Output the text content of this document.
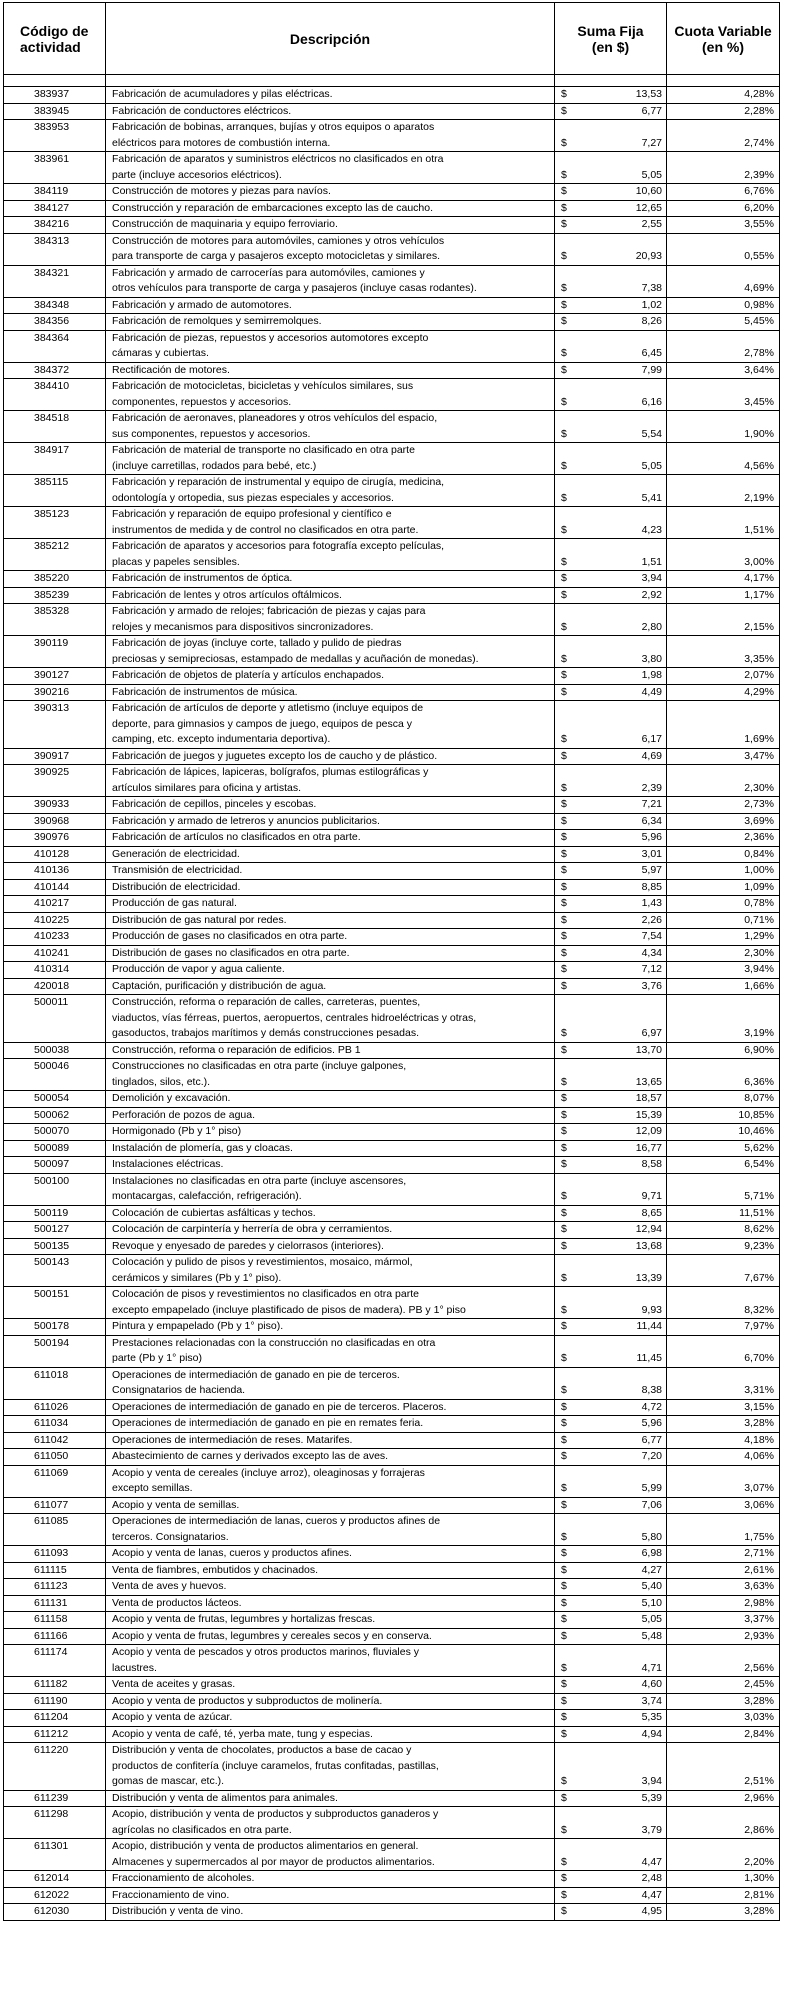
Código de
actividad	Descripción	Suma Fija
(en $)	Cuota Variable
(en %)

383937	Fabricación de acumuladores y pilas eléctricas.	$ 13,53	4,28%
383945	Fabricación de conductores eléctricos.	$ 6,77	2,28%
383953	Fabricación de bobinas, arranques, bujías y otros equipos o aparatos
eléctricos para motores de combustión interna.	$ 7,27	2,74%
383961	Fabricación de aparatos y suministros eléctricos no clasificados en otra
parte (incluye accesorios eléctricos).	$ 5,05	2,39%
384119	Construcción de motores y piezas para navíos.	$ 10,60	6,76%
384127	Construcción y reparación de embarcaciones excepto las de caucho.	$ 12,65	6,20%
384216	Construcción de maquinaria y equipo ferroviario.	$ 2,55	3,55%
384313	Construcción de motores para automóviles, camiones y otros vehículos
para transporte de carga y pasajeros excepto motocicletas y similares.	$ 20,93	0,55%
384321	Fabricación y armado de carrocerías para automóviles, camiones y
otros vehículos para transporte de carga y pasajeros (incluye casas rodantes).	$ 7,38	4,69%
384348	Fabricación y armado de automotores.	$ 1,02	0,98%
384356	Fabricación de remolques y semirremolques.	$ 8,26	5,45%
384364	Fabricación de piezas, repuestos y accesorios automotores excepto
cámaras y cubiertas.	$ 6,45	2,78%
384372	Rectificación de motores.	$ 7,99	3,64%
384410	Fabricación de motocicletas, bicicletas y vehículos similares, sus
componentes, repuestos y accesorios.	$ 6,16	3,45%
384518	Fabricación de aeronaves, planeadores y otros vehículos del espacio,
sus componentes, repuestos y accesorios.	$ 5,54	1,90%
384917	Fabricación de material de transporte no clasificado en otra parte
(incluye carretillas, rodados para bebé, etc.)	$ 5,05	4,56%
385115	Fabricación y reparación de instrumental y equipo de cirugía, medicina,
odontología y ortopedia, sus piezas especiales y accesorios.	$ 5,41	2,19%
385123	Fabricación y reparación de equipo profesional y científico e
instrumentos de medida y de control no clasificados en otra parte.	$ 4,23	1,51%
385212	Fabricación de aparatos y accesorios para fotografía excepto películas,
placas y papeles sensibles.	$ 1,51	3,00%
385220	Fabricación de instrumentos de óptica.	$ 3,94	4,17%
385239	Fabricación de lentes y otros artículos oftálmicos.	$ 2,92	1,17%
385328	Fabricación y armado de relojes; fabricación de piezas y cajas para
relojes y mecanismos para dispositivos sincronizadores.	$ 2,80	2,15%
390119	Fabricación de joyas (incluye corte, tallado y pulido de piedras
preciosas y semipreciosas, estampado de medallas y acuñación de monedas).	$ 3,80	3,35%
390127	Fabricación de objetos de platería y artículos enchapados.	$ 1,98	2,07%
390216	Fabricación de instrumentos de música.	$ 4,49	4,29%
390313	Fabricación de artículos de deporte y atletismo (incluye equipos de
deporte, para gimnasios y campos de juego, equipos de pesca y
camping, etc. excepto indumentaria deportiva).	$ 6,17	1,69%
390917	Fabricación de juegos y juguetes excepto los de caucho y de plástico.	$ 4,69	3,47%
390925	Fabricación de lápices, lapiceras, bolígrafos, plumas estilográficas y
artículos similares para oficina y artistas.	$ 2,39	2,30%
390933	Fabricación de cepillos, pinceles y escobas.	$ 7,21	2,73%
390968	Fabricación y armado de letreros y anuncios publicitarios.	$ 6,34	3,69%
390976	Fabricación de artículos no clasificados en otra parte.	$ 5,96	2,36%
410128	Generación de electricidad.	$ 3,01	0,84%
410136	Transmisión de electricidad.	$ 5,97	1,00%
410144	Distribución de electricidad.	$ 8,85	1,09%
410217	Producción de gas natural.	$ 1,43	0,78%
410225	Distribución de gas natural por redes.	$ 2,26	0,71%
410233	Producción de gases no clasificados en otra parte.	$ 7,54	1,29%
410241	Distribución de gases no clasificados en otra parte.	$ 4,34	2,30%
410314	Producción de vapor y agua caliente.	$ 7,12	3,94%
420018	Captación, purificación y distribución de agua.	$ 3,76	1,66%
500011	Construcción, reforma o reparación de calles, carreteras, puentes,
viaductos, vías férreas, puertos, aeropuertos, centrales hidroeléctricas y otras,
gasoductos, trabajos marítimos y demás construcciones pesadas.	$ 6,97	3,19%
500038	Construcción, reforma o reparación de edificios. PB 1	$ 13,70	6,90%
500046	Construcciones no clasificadas en otra parte (incluye galpones,
tinglados, silos, etc.).	$ 13,65	6,36%
500054	Demolición y excavación.	$ 18,57	8,07%
500062	Perforación de pozos de agua.	$ 15,39	10,85%
500070	Hormigonado (Pb y 1° piso)	$ 12,09	10,46%
500089	Instalación de plomería, gas y cloacas.	$ 16,77	5,62%
500097	Instalaciones eléctricas.	$ 8,58	6,54%
500100	Instalaciones no clasificadas en otra parte (incluye ascensores,
montacargas, calefacción, refrigeración).	$ 9,71	5,71%
500119	Colocación de cubiertas asfálticas y techos.	$ 8,65	11,51%
500127	Colocación de carpintería y herrería de obra y cerramientos.	$ 12,94	8,62%
500135	Revoque y enyesado de paredes y cielorrasos (interiores).	$ 13,68	9,23%
500143	Colocación y pulido de pisos y revestimientos, mosaico, mármol,
cerámicos y similares (Pb y 1° piso).	$ 13,39	7,67%
500151	Colocación de pisos y revestimientos no clasificados en otra parte
excepto empapelado (incluye plastificado de pisos de madera). PB y 1° piso	$ 9,93	8,32%
500178	Pintura y empapelado (Pb y 1° piso).	$ 11,44	7,97%
500194	Prestaciones relacionadas con la construcción no clasificadas en otra
parte (Pb y 1° piso)	$ 11,45	6,70%
611018	Operaciones de intermediación de ganado en pie de terceros.
Consignatarios de hacienda.	$ 8,38	3,31%
611026	Operaciones de intermediación de ganado en pie de terceros. Placeros.	$ 4,72	3,15%
611034	Operaciones de intermediación de ganado en pie en remates feria.	$ 5,96	3,28%
611042	Operaciones de intermediación de reses. Matarifes.	$ 6,77	4,18%
611050	Abastecimiento de carnes y derivados excepto las de aves.	$ 7,20	4,06%
611069	Acopio y venta de cereales (incluye arroz), oleaginosas y forrajeras
excepto semillas.	$ 5,99	3,07%
611077	Acopio y venta de semillas.	$ 7,06	3,06%
611085	Operaciones de intermediación de lanas, cueros y productos afines de
terceros. Consignatarios.	$ 5,80	1,75%
611093	Acopio y venta de lanas, cueros y productos afines.	$ 6,98	2,71%
611115	Venta de fiambres, embutidos y chacinados.	$ 4,27	2,61%
611123	Venta de aves y huevos.	$ 5,40	3,63%
611131	Venta de productos lácteos.	$ 5,10	2,98%
611158	Acopio y venta de frutas, legumbres y hortalizas frescas.	$ 5,05	3,37%
611166	Acopio y venta de frutas, legumbres y cereales secos y en conserva.	$ 5,48	2,93%
611174	Acopio y venta de pescados y otros productos marinos, fluviales y
lacustres.	$ 4,71	2,56%
611182	Venta de aceites y grasas.	$ 4,60	2,45%
611190	Acopio y venta de productos y subproductos de molinería.	$ 3,74	3,28%
611204	Acopio y venta de azúcar.	$ 5,35	3,03%
611212	Acopio y venta de café, té, yerba mate, tung y especias.	$ 4,94	2,84%
611220	Distribución y venta de chocolates, productos a base de cacao y
productos de confitería (incluye caramelos, frutas confitadas, pastillas,
gomas de mascar, etc.).	$ 3,94	2,51%
611239	Distribución y venta de alimentos para animales.	$ 5,39	2,96%
611298	Acopio, distribución y venta de productos y subproductos ganaderos y
agrícolas no clasificados en otra parte.	$ 3,79	2,86%
611301	Acopio, distribución y venta de productos alimentarios en general.
Almacenes y supermercados al por mayor de productos alimentarios.	$ 4,47	2,20%
612014	Fraccionamiento de alcoholes.	$ 2,48	1,30%
612022	Fraccionamiento de vino.	$ 4,47	2,81%
612030	Distribución y venta de vino.	$ 4,95	3,28%
